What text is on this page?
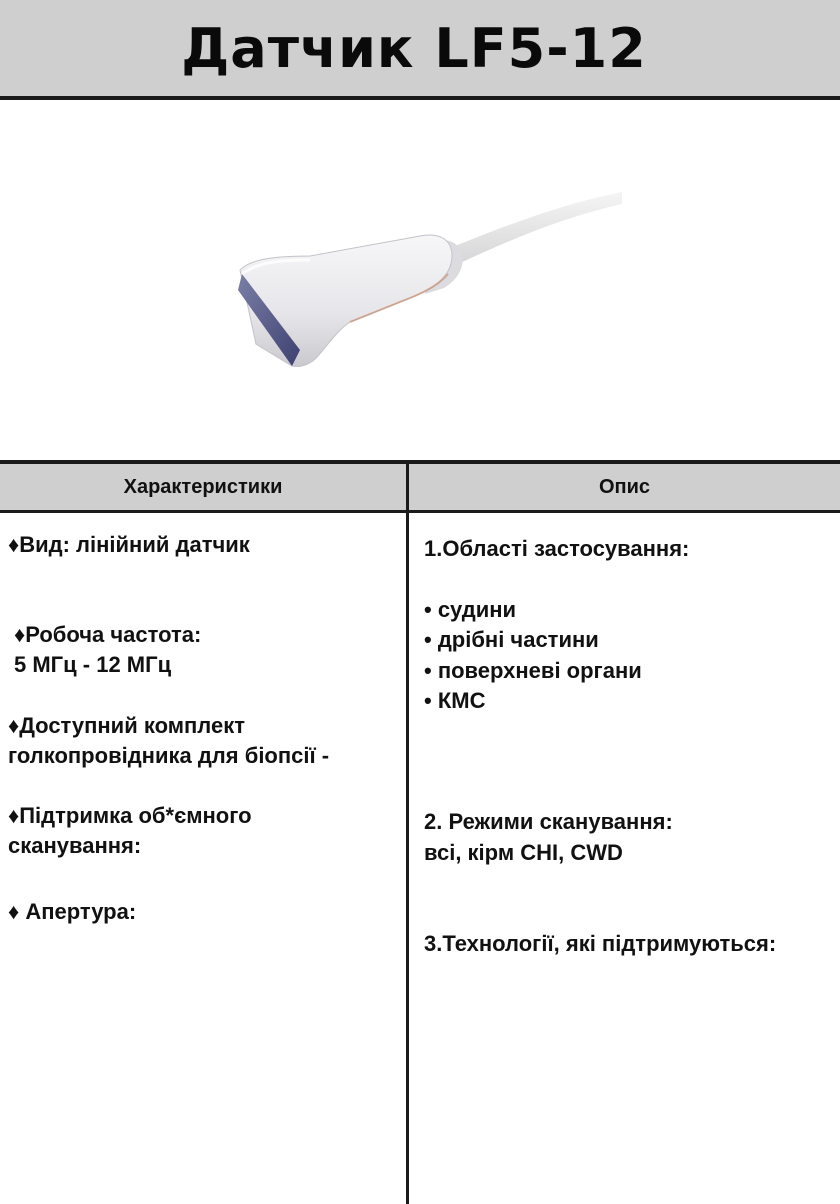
Датчик LF5-12
Характеристики	Опис
♦Вид: лінійний датчик
♦Робоча частота:
5 МГц - 12 МГц
♦Доступний комплект
голкопровідника для біопсії -
♦Підтримка об*ємного
сканування:
♦ Апертура:
1.Області застосування:
• судини
• дрібні частини
• поверхневі органи
• КМС
2. Режими сканування:
всі, кірм CHI, CWD
3.Технології, які підтримуються:
